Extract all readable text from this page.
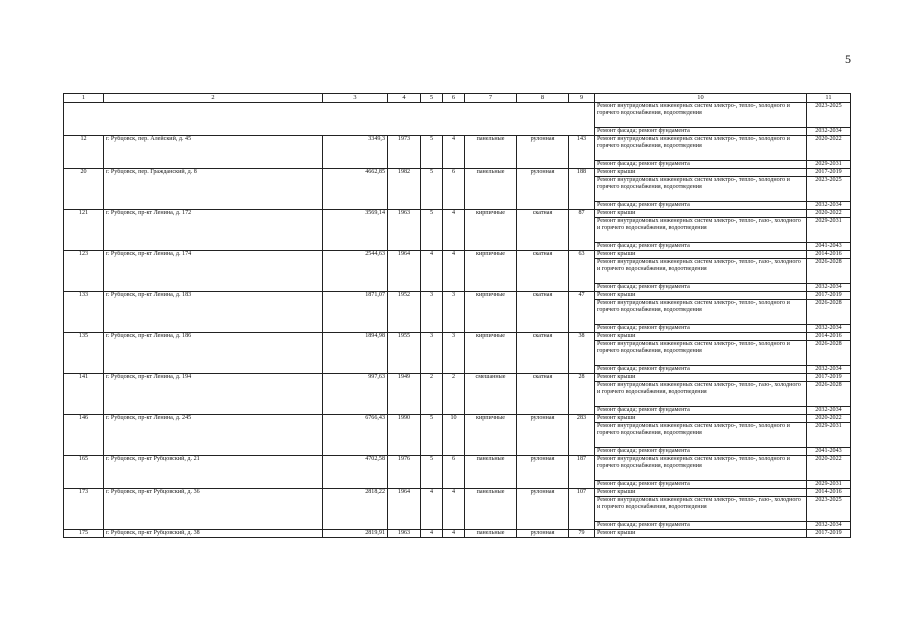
5
1	2	3	4	5	6	7	8	9	10	11
									Ремонт внутридомовых инженерных систем электро-, тепло-, холодного и горячего водоснабжения, водоотведения	2023-2025
									Ремонт фасада; ремонт фундамента	2032-2034
12	г. Рубцовск, пер. Алейский, д. 45	3349,3	1973	5	4	панельные	рулонная	143	Ремонт внутридомовых инженерных систем электро-, тепло-, холодного и горячего водоснабжения, водоотведения	2020-2022
									Ремонт фасада; ремонт фундамента	2029-2031
20	г. Рубцовск, пер. Гражданский, д. 8	4662,85	1982	5	6	панельные	рулонная	188	Ремонт крыши	2017-2019
									Ремонт внутридомовых инженерных систем электро-, тепло-, холодного и горячего водоснабжения, водоотведения	2023-2025
									Ремонт фасада; ремонт фундамента	2032-2034
121	г. Рубцовск, пр-кт Ленина, д. 172	3569,14	1963	5	4	кирпичные	скатная	87	Ремонт крыши	2020-2022
									Ремонт внутридомовых инженерных систем электро-, тепло-, газо-, холодного и горячего водоснабжения, водоотведения	2029-2031
									Ремонт фасада; ремонт фундамента	2041-2043
123	г. Рубцовск, пр-кт Ленина, д. 174	2544,63	1964	4	4	кирпичные	скатная	63	Ремонт крыши	2014-2016
									Ремонт внутридомовых инженерных систем электро-, тепло-, газо-, холодного и горячего водоснабжения, водоотведения	2026-2028
									Ремонт фасада; ремонт фундамента	2032-2034
133	г. Рубцовск, пр-кт Ленина, д. 183	1871,07	1952	3	3	кирпичные	скатная	47	Ремонт крыши	2017-2019
									Ремонт внутридомовых инженерных систем электро-, тепло-, холодного и горячего водоснабжения, водоотведения	2026-2028
									Ремонт фасада; ремонт фундамента	2032-2034
135	г. Рубцовск, пр-кт Ленина, д. 186	1894,98	1955	3	3	кирпичные	скатная	38	Ремонт крыши	2014-2016
									Ремонт внутридомовых инженерных систем электро-, тепло-, холодного и горячего водоснабжения, водоотведения	2026-2028
									Ремонт фасада; ремонт фундамента	2032-2034
141	г. Рубцовск, пр-кт Ленина, д. 194	997,63	1949	2	2	смешанные	скатная	28	Ремонт крыши	2017-2019
									Ремонт внутридомовых инженерных систем электро-, тепло-, газо-, холодного и горячего водоснабжения, водоотведения	2026-2028
									Ремонт фасада; ремонт фундамента	2032-2034
146	г. Рубцовск, пр-кт Ленина, д. 245	6766,43	1990	5	10	кирпичные	рулонная	283	Ремонт крыши	2020-2022
									Ремонт внутридомовых инженерных систем электро-, тепло-, холодного и горячего водоснабжения, водоотведения	2029-2031
									Ремонт фасада; ремонт фундамента	2041-2043
165	г. Рубцовск, пр-кт Рубцовский, д. 21	4702,58	1976	5	6	панельные	рулонная	187	Ремонт внутридомовых инженерных систем электро-, тепло-, холодного и горячего водоснабжения, водоотведения	2020-2022
									Ремонт фасада; ремонт фундамента	2029-2031
173	г. Рубцовск, пр-кт Рубцовский, д. 36	2818,22	1964	4	4	панельные	рулонная	107	Ремонт крыши	2014-2016
									Ремонт внутридомовых инженерных систем электро-, тепло-, газо-, холодного и горячего водоснабжения, водоотведения	2023-2025
									Ремонт фасада; ремонт фундамента	2032-2034
175	г. Рубцовск, пр-кт Рубцовский, д. 38	2819,91	1963	4	4	панельные	рулонная	79	Ремонт крыши	2017-2019
